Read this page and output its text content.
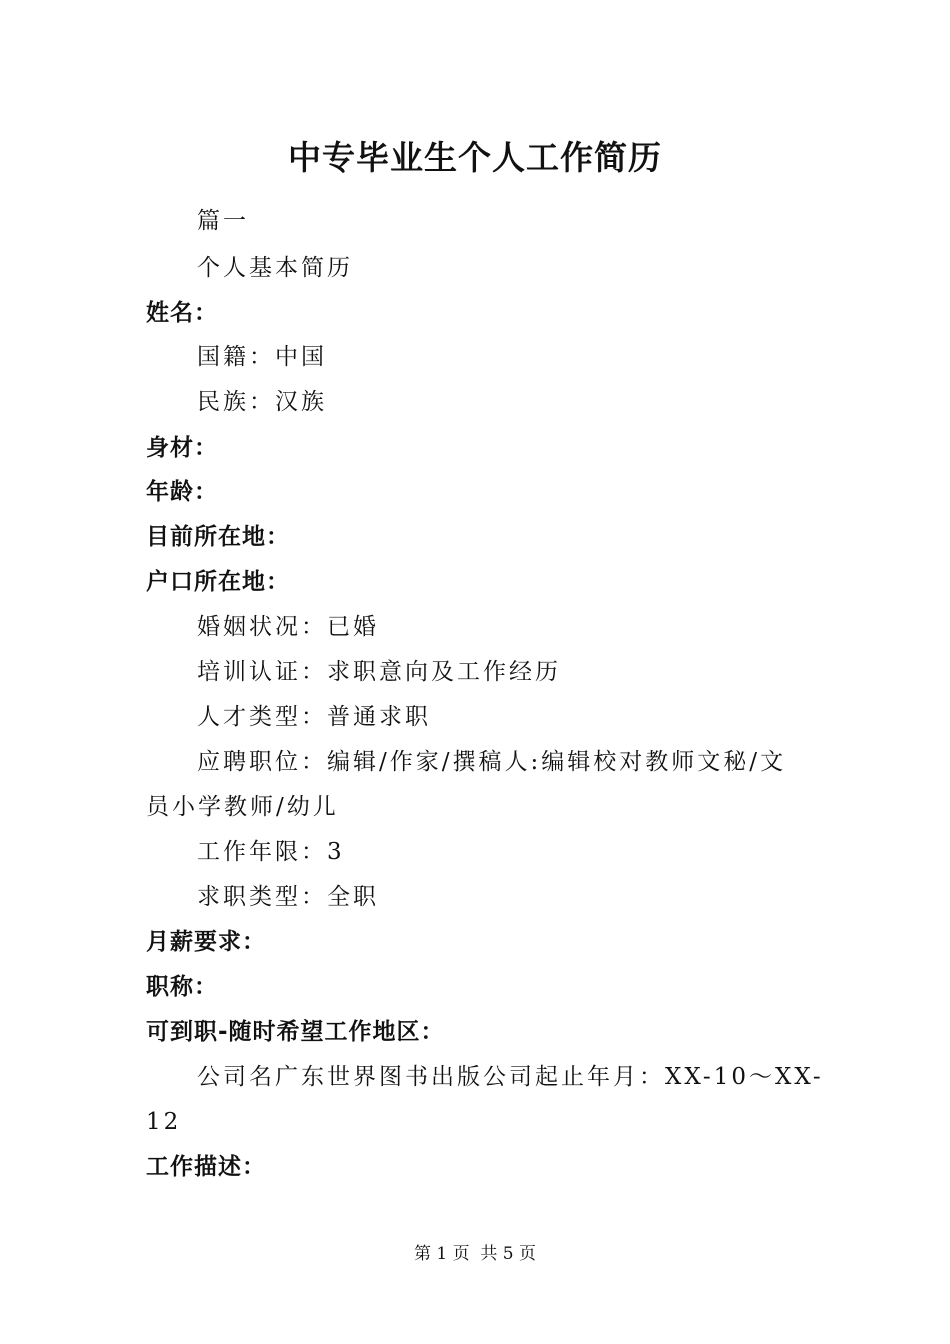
中专毕业生个人工作简历
篇一
个人基本简历
姓名：
国籍：中国
民族：汉族
身材：
年龄：
目前所在地：
户口所在地：
婚姻状况：已婚
培训认证：求职意向及工作经历
人才类型：普通求职
应聘职位：编辑/作家/撰稿人:编辑校对教师文秘/文
员小学教师/幼儿
工作年限：3
求职类型：全职
月薪要求：
职称：
可到职-随时希望工作地区：
公司名广东世界图书出版公司起止年月：XX-10～XX-
12
工作描述：
第 1 页  共 5 页
